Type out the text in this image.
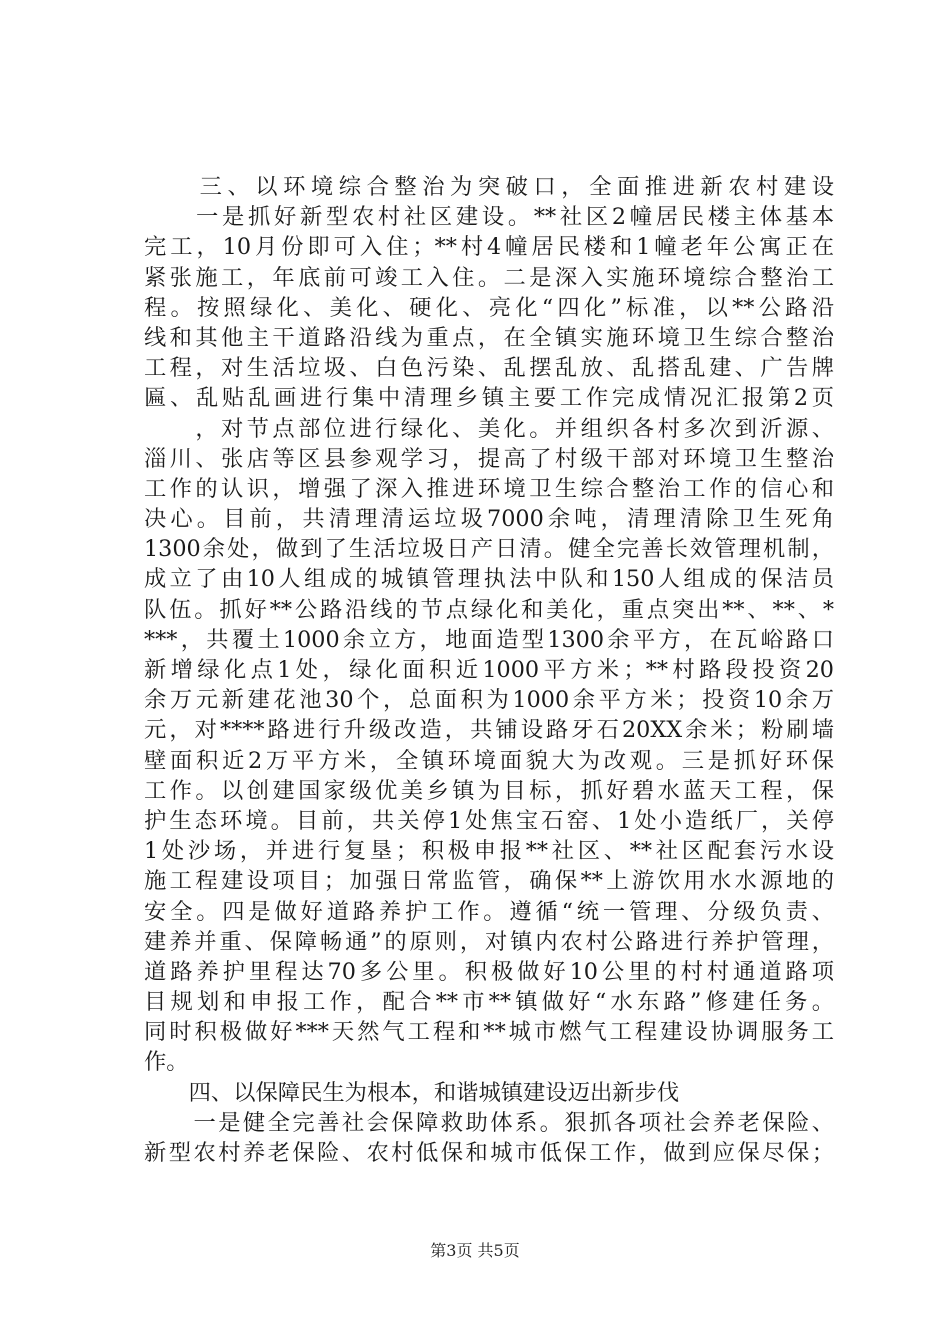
　　三、以环境综合整治为突破口，全面推进新农村建设
　　一是抓好新型农村社区建设。**社区2幢居民楼主体基本
完工，10月份即可入住；**村4幢居民楼和1幢老年公寓正在
紧张施工，年底前可竣工入住。二是深入实施环境综合整治工
程。按照绿化、美化、硬化、亮化“四化”标准，以**公路沿
线和其他主干道路沿线为重点，在全镇实施环境卫生综合整治
工程，对生活垃圾、白色污染、乱摆乱放、乱搭乱建、广告牌
匾、乱贴乱画进行集中清理乡镇主要工作完成情况汇报第2页
　　，对节点部位进行绿化、美化。并组织各村多次到沂源、
淄川、张店等区县参观学习，提高了村级干部对环境卫生整治
工作的认识，增强了深入推进环境卫生综合整治工作的信心和
决心。目前，共清理清运垃圾7000余吨，清理清除卫生死角
1300余处，做到了生活垃圾日产日清。健全完善长效管理机制，
成立了由10人组成的城镇管理执法中队和150人组成的保洁员
队伍。抓好**公路沿线的节点绿化和美化，重点突出**、**、*
***，共覆土1000余立方，地面造型1300余平方，在瓦峪路口
新增绿化点1处，绿化面积近1000平方米；**村路段投资20
余万元新建花池30个，总面积为1000余平方米；投资10余万
元，对****路进行升级改造，共铺设路牙石20XX余米；粉刷墙
壁面积近2万平方米，全镇环境面貌大为改观。三是抓好环保
工作。以创建国家级优美乡镇为目标，抓好碧水蓝天工程，保
护生态环境。目前，共关停1处焦宝石窑、1处小造纸厂，关停
1处沙场，并进行复垦；积极申报**社区、**社区配套污水设
施工程建设项目；加强日常监管，确保**上游饮用水水源地的
安全。四是做好道路养护工作。遵循“统一管理、分级负责、
建养并重、保障畅通”的原则，对镇内农村公路进行养护管理，
道路养护里程达70多公里。积极做好10公里的村村通道路项
目规划和申报工作，配合**市**镇做好“水东路”修建任务。
同时积极做好***天然气工程和**城市燃气工程建设协调服务工
作。
　　四、以保障民生为根本，和谐城镇建设迈出新步伐
　　一是健全完善社会保障救助体系。狠抓各项社会养老保险、
新型农村养老保险、农村低保和城市低保工作，做到应保尽保；
第3页 共5页
